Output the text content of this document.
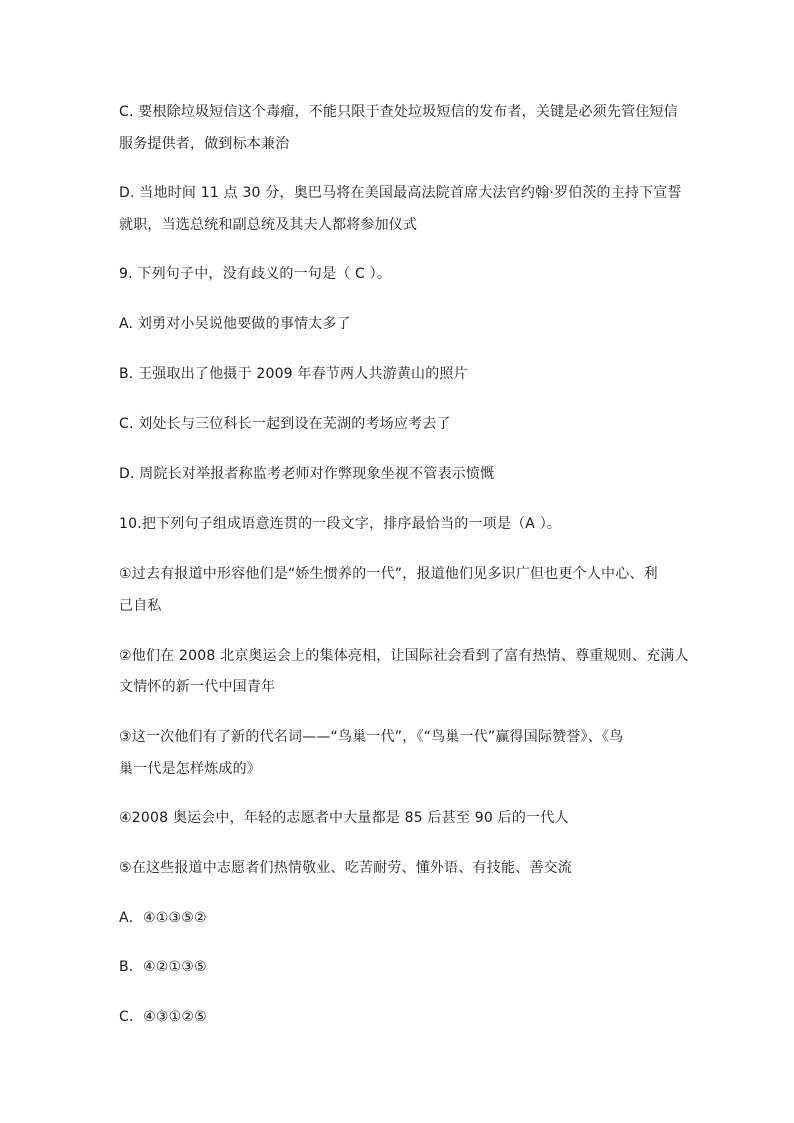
C. 要根除垃圾短信这个毒瘤，不能只限于查处垃圾短信的发布者，关键是必须先管住短信
服务提供者，做到标本兼治
D. 当地时间 11 点 30 分，奥巴马将在美国最高法院首席大法官约翰·罗伯茨的主持下宣誓
就职，当选总统和副总统及其夫人都将参加仪式
9. 下列句子中，没有歧义的一句是（ C ）。
A. 刘勇对小吴说他要做的事情太多了
B. 王强取出了他摄于 2009 年春节两人共游黄山的照片
C. 刘处长与三位科长一起到设在芜湖的考场应考去了
D. 周院长对举报者称监考老师对作弊现象坐视不管表示愤慨
10.把下列句子组成语意连贯的一段文字，排序最恰当的一项是（A ）。
①过去有报道中形容他们是“娇生惯养的一代”，报道他们见多识广但也更个人中心、利
己自私
②他们在 2008 北京奥运会上的集体亮相，让国际社会看到了富有热情、尊重规则、充满人
文情怀的新一代中国青年
③这一次他们有了新的代名词——“鸟巢一代”，《“鸟巢一代”赢得国际赞誉》、《鸟
巢一代是怎样炼成的》
④2008 奥运会中，年轻的志愿者中大量都是 85 后甚至 90 后的一代人
⑤在这些报道中志愿者们热情敬业、吃苦耐劳、懂外语、有技能、善交流
A．④①③⑤②
B．④②①③⑤
C．④③①②⑤
